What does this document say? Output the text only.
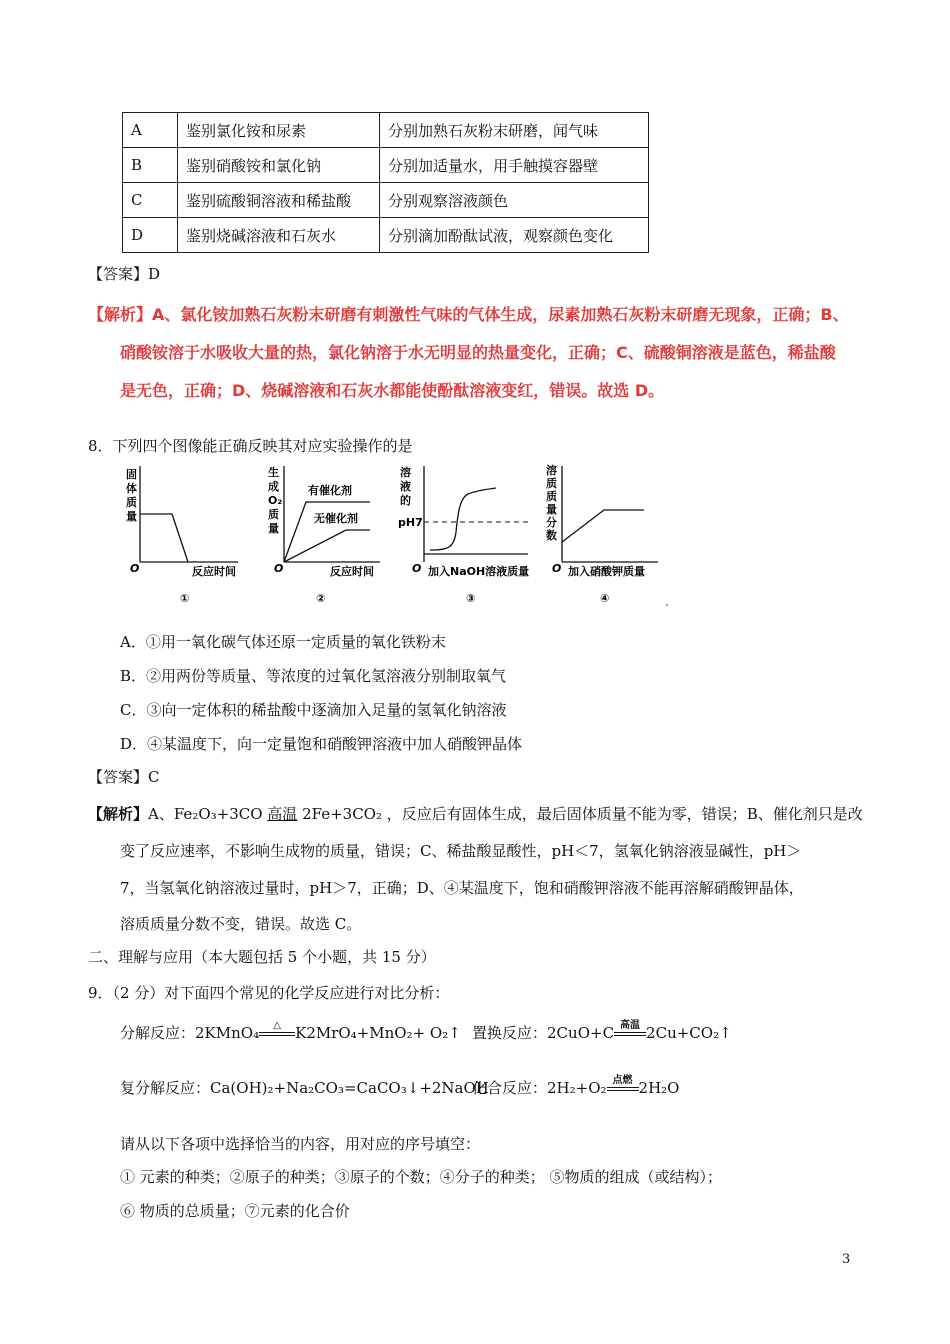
A	鉴别氯化铵和尿素	分别加熟石灰粉末研磨，闻气味
B	鉴别硝酸铵和氯化钠	分别加适量水，用手触摸容器壁
C	鉴别硫酸铜溶液和稀盐酸	分别观察溶液颜色
D	鉴别烧碱溶液和石灰水	分别滴加酚酞试液，观察颜色变化
【答案】D
【解析】A、氯化铵加熟石灰粉末研磨有刺激性气味的气体生成，尿素加熟石灰粉末研磨无现象，正确；B、
硝酸铵溶于水吸收大量的热，氯化钠溶于水无明显的热量变化，正确；C、硫酸铜溶液是蓝色，稀盐酸
是无色，正确；D、烧碱溶液和石灰水都能使酚酞溶液变红，错误。故选 D。
8．下列四个图像能正确反映其对应实验操作的是
固
体
质
量
O	反应时间
①
生
成
O₂
质
量
有催化剂
无催化剂
O	反应时间
②
溶
液
的
pH7
O 加入NaOH溶液质量
③
溶
质
质
量
分
数
O 加入硝酸钾质量
④
A．①用一氧化碳气体还原一定质量的氧化铁粉末
B．②用两份等质量、等浓度的过氧化氢溶液分别制取氧气
C．③向一定体积的稀盐酸中逐滴加入足量的氢氧化钠溶液
D．④某温度下，向一定量饱和硝酸钾溶液中加人硝酸钾晶体
【答案】C
【解析】A、Fe₂O₃+3CO 高温 2Fe+3CO₂ ，反应后有固体生成，最后固体质量不能为零，错误；B、催化剂只是改
变了反应速率，不影响生成物的质量，错误；C、稀盐酸显酸性，pH＜7，氢氧化钠溶液显碱性，pH＞
7，当氢氧化钠溶液过量时，pH＞7，正确；D、④某温度下，饱和硝酸钾溶液不能再溶解硝酸钾晶体，
溶质质量分数不变，错误。故选 C。
二、理解与应用（本大题包括 5 个小题，共 15 分）
9．（2 分）对下面四个常见的化学反应进行对比分析：
分解反应：2KMnO₄	△ K2MrO₄+MnO₂+ O₂↑ 置换反应：2CuO+C 高温 2Cu+CO₂↑
复分解反应：Ca(OH)₂+Na₂CO₃=CaCO₃↓+2NaOH
化合反应：2H₂+O₂ 点燃 2H₂O
请从以下各项中选择恰当的内容，用对应的序号填空：
① 元素的种类；②原子的种类；③原子的个数；④分子的种类； ⑤物质的组成（或结构）；
⑥ 物质的总质量；⑦元素的化合价
3
